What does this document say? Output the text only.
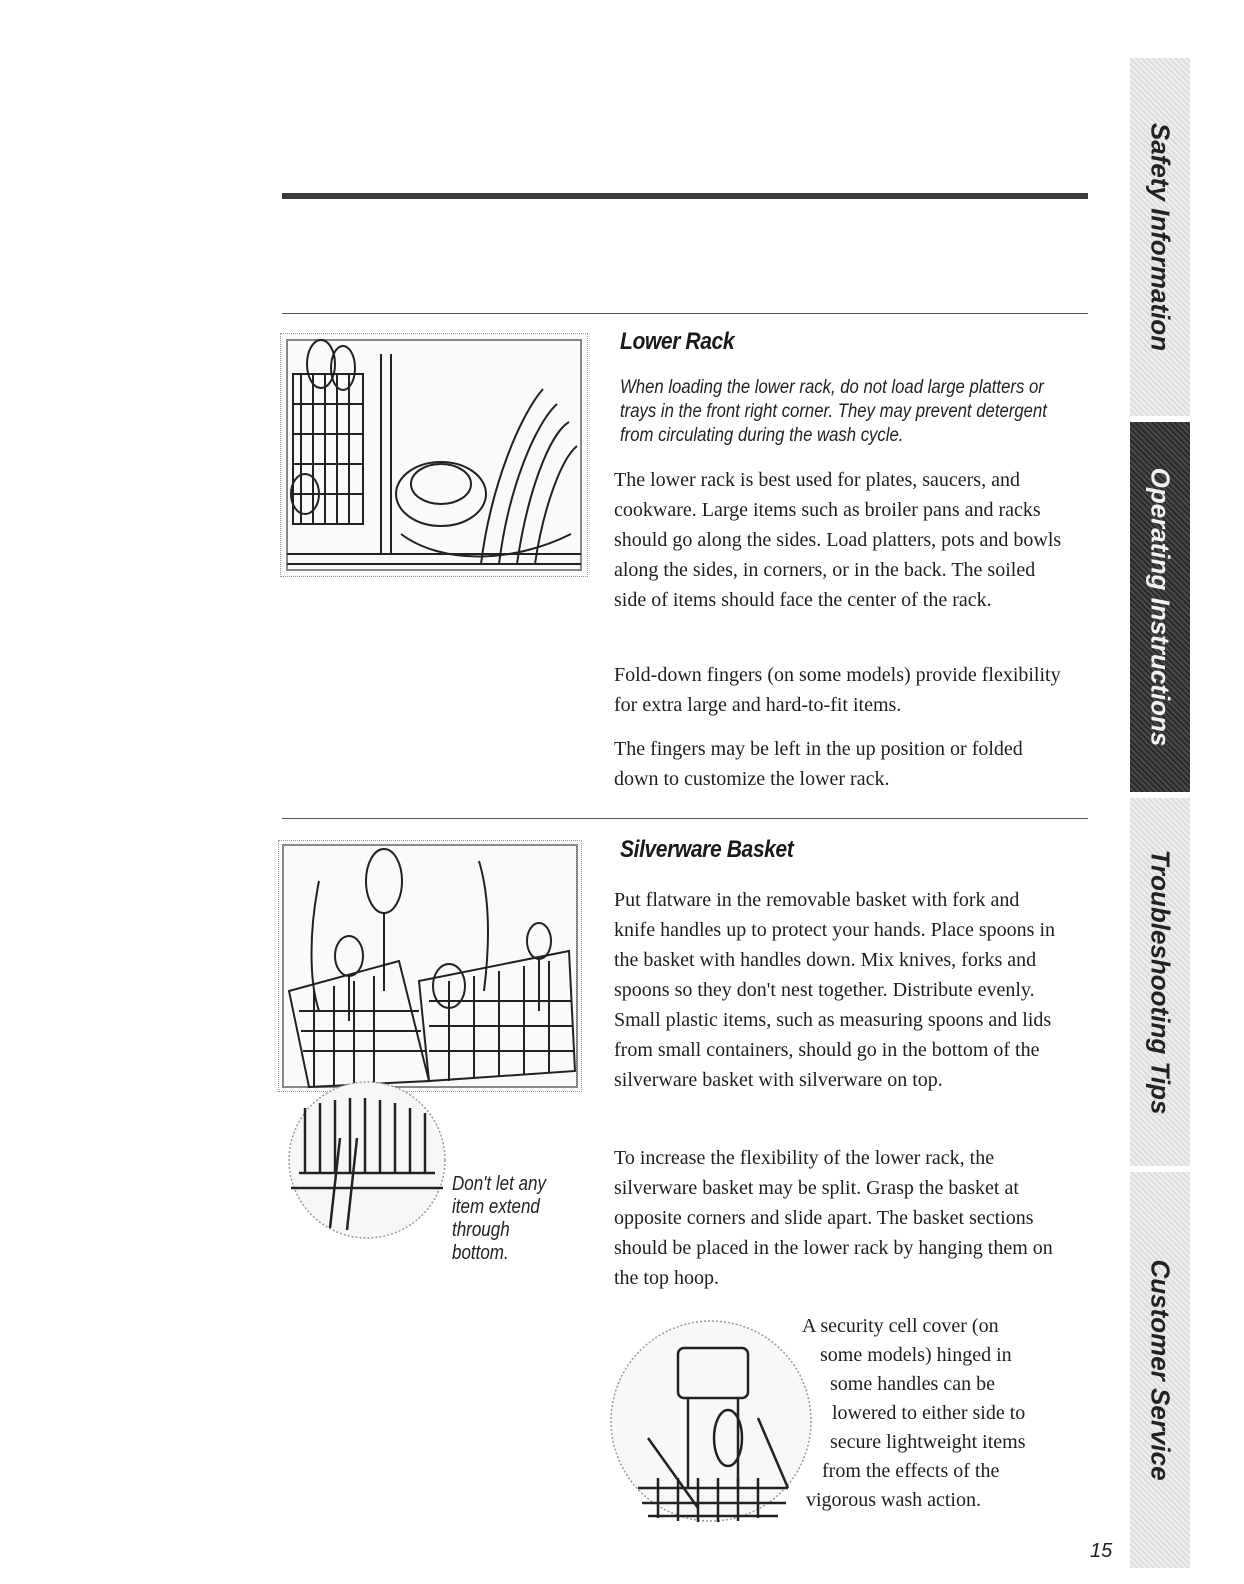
Lower Rack

When loading the lower rack, do not load large platters or trays in the front right corner. They may prevent detergent from circulating during the wash cycle.

The lower rack is best used for plates, saucers, and cookware. Large items such as broiler pans and racks should go along the sides. Load platters, pots and bowls along the sides, in corners, or in the back. The soiled side of items should face the center of the rack.

Fold-down fingers (on some models) provide flexibility for extra large and hard-to-fit items.

The fingers may be left in the up position or folded down to customize the lower rack.

Don't let any item extend through bottom.

Silverware Basket

Put flatware in the removable basket with fork and knife handles up to protect your hands. Place spoons in the basket with handles down. Mix knives, forks and spoons so they don't nest together. Distribute evenly. Small plastic items, such as measuring spoons and lids from small containers, should go in the bottom of the silverware basket with silverware on top.

To increase the flexibility of the lower rack, the silverware basket may be split. Grasp the basket at opposite corners and slide apart. The basket sections should be placed in the lower rack by hanging them on the top hoop.

A security cell cover (on

some models) hinged in

some handles can be

lowered to either side to

secure lightweight items

from the effects of the

vigorous wash action.

Safety Information
Operating Instructions
Troubleshooting Tips
Customer Service

15
